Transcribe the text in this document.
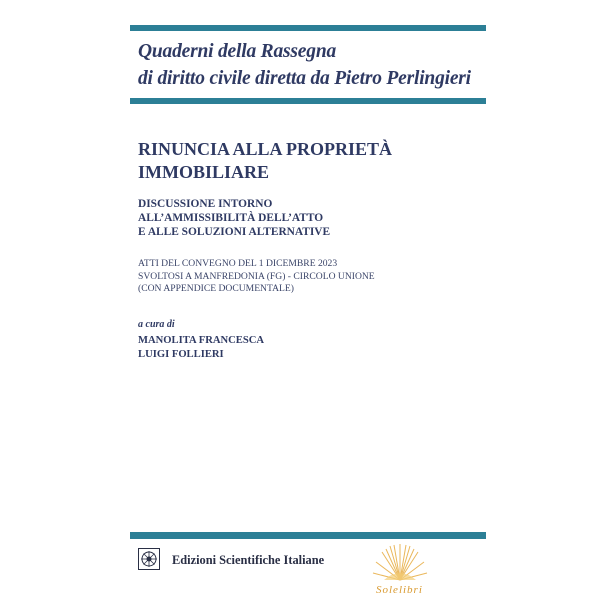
Quaderni della Rassegna
di diritto civile diretta da Pietro Perlingieri
RINUNCIA ALLA PROPRIETÀ
IMMOBILIARE
DISCUSSIONE INTORNO
ALL’AMMISSIBILITÀ DELL’ATTO
E ALLE SOLUZIONI ALTERNATIVE
ATTI DEL CONVEGNO DEL 1 DICEMBRE 2023
SVOLTOSI A MANFREDONIA (FG) - CIRCOLO UNIONE
(CON APPENDICE DOCUMENTALE)
a cura di
MANOLITA FRANCESCA
LUIGI FOLLIERI
Edizioni Scientifiche Italiane
Solelibri
